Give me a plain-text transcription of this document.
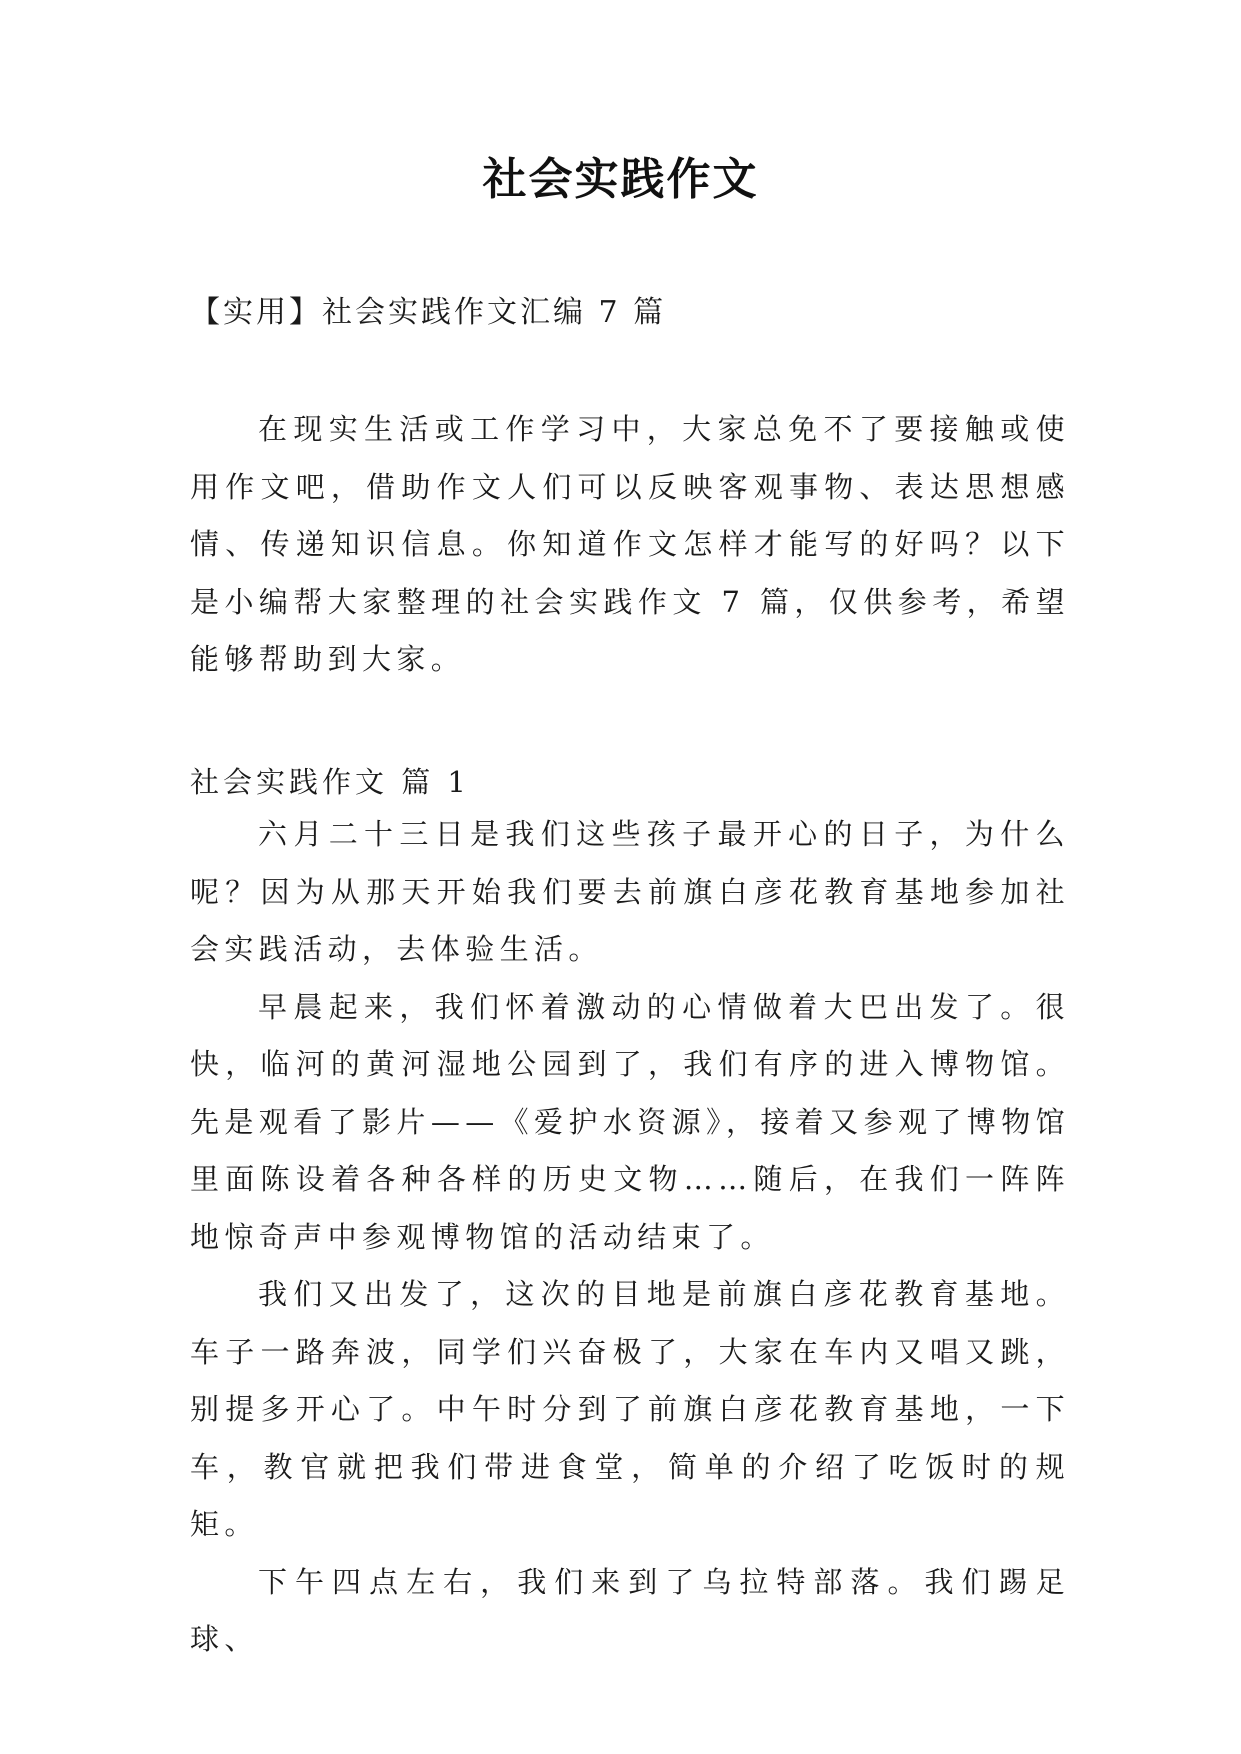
社会实践作文
【实用】社会实践作文汇编 7 篇

在现实生活或工作学习中，大家总免不了要接触或使用作文吧，借助作文人们可以反映客观事物、表达思想感情、传递知识信息。你知道作文怎样才能写的好吗？以下是小编帮大家整理的社会实践作文 7 篇，仅供参考，希望能够帮助到大家。

社会实践作文 篇 1

六月二十三日是我们这些孩子最开心的日子，为什么呢？因为从那天开始我们要去前旗白彦花教育基地参加社会实践活动，去体验生活。

早晨起来，我们怀着激动的心情做着大巴出发了。很快，临河的黄河湿地公园到了，我们有序的进入博物馆。先是观看了影片——《爱护水资源》，接着又参观了博物馆里面陈设着各种各样的历史文物……随后，在我们一阵阵地惊奇声中参观博物馆的活动结束了。

我们又出发了，这次的目地是前旗白彦花教育基地。车子一路奔波，同学们兴奋极了，大家在车内又唱又跳，别提多开心了。中午时分到了前旗白彦花教育基地，一下车，教官就把我们带进食堂，简单的介绍了吃饭时的规矩。

下午四点左右，我们来到了乌拉特部落。我们踢足球、
